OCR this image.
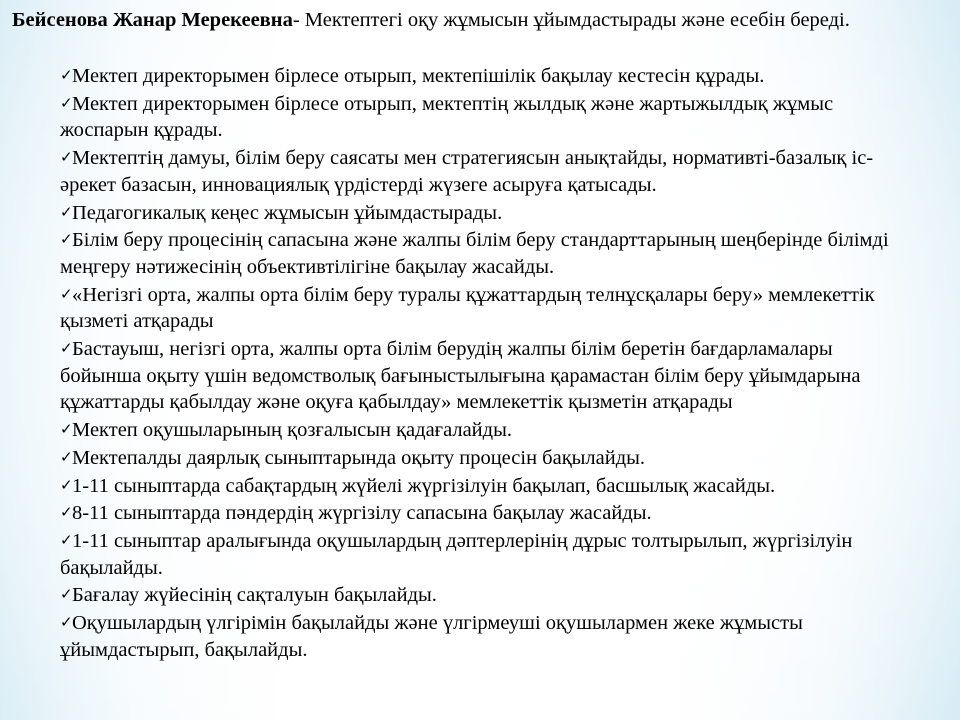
Бейсенова Жанар Мерекеевна- Мектептегі оқу жұмысын ұйымдастырады және есебін береді.
✓Мектеп директорымен бірлесе отырып, мектепішілік бақылау кестесін құрады.
✓Мектеп директорымен бірлесе отырып, мектептің жылдық және жартыжылдық жұмыс жоспарын құрады.
✓Мектептің дамуы, білім беру саясаты мен стратегиясын анықтайды, нормативті-базалық іс-әрекет базасын, инновациялық үрдістерді жүзеге асыруға қатысады.
✓Педагогикалық кеңес жұмысын ұйымдастырады.
✓Білім беру процесінің сапасына және жалпы білім беру стандарттарының шеңберінде білімді меңгеру нәтижесінің объективтілігіне бақылау жасайды.
✓«Негізгі орта, жалпы орта білім беру туралы құжаттардың телнұсқалары беру» мемлекеттік қызметі атқарады
✓Бастауыш, негізгі орта, жалпы орта білім берудің жалпы білім беретін бағдарламалары бойынша оқыту үшін ведомстволық бағыныстылығына қарамастан білім беру ұйымдарына құжаттарды қабылдау және оқуға қабылдау» мемлекеттік қызметін атқарады
✓Мектеп оқушыларының қозғалысын қадағалайды.
✓Мектепалды даярлық сыныптарында оқыту процесін бақылайды.
✓1-11 сыныптарда сабақтардың жүйелі жүргізілуін бақылап, басшылық жасайды.
✓8-11 сыныптарда пәндердің жүргізілу сапасына бақылау жасайды.
✓1-11 сыныптар аралығында оқушылардың дәптерлерінің дұрыс толтырылып, жүргізілуін бақылайды.
✓Бағалау жүйесінің сақталуын бақылайды.
✓Оқушылардың үлгірімін бақылайды және үлгірмеуші оқушылармен жеке жұмысты ұйымдастырып, бақылайды.
